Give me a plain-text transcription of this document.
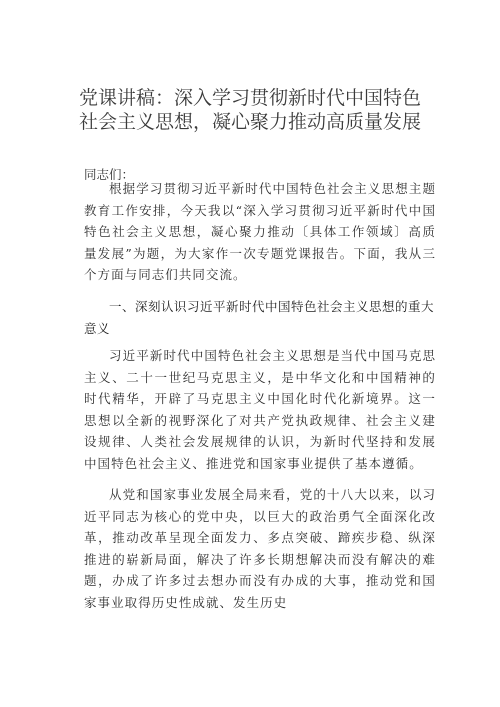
党课讲稿：深入学习贯彻新时代中国特色
社会主义思想，凝心聚力推动高质量发展
同志们：

根据学习贯彻习近平新时代中国特色社会主义思想主题教育工作安排，今天我以“深入学习贯彻习近平新时代中国特色社会主义思想，凝心聚力推动〔具体工作领域〕高质量发展”为题，为大家作一次专题党课报告。下面，我从三个方面与同志们共同交流。

一、深刻认识习近平新时代中国特色社会主义思想的重大意义

习近平新时代中国特色社会主义思想是当代中国马克思主义、二十一世纪马克思主义，是中华文化和中国精神的时代精华，开辟了马克思主义中国化时代化新境界。这一思想以全新的视野深化了对共产党执政规律、社会主义建设规律、人类社会发展规律的认识，为新时代坚持和发展中国特色社会主义、推进党和国家事业提供了基本遵循。

从党和国家事业发展全局来看，党的十八大以来，以习近平同志为核心的党中央，以巨大的政治勇气全面深化改革，推动改革呈现全面发力、多点突破、蹄疾步稳、纵深推进的崭新局面，解决了许多长期想解决而没有解决的难题，办成了许多过去想办而没有办成的大事，推动党和国家事业取得历史性成就、发生历史
